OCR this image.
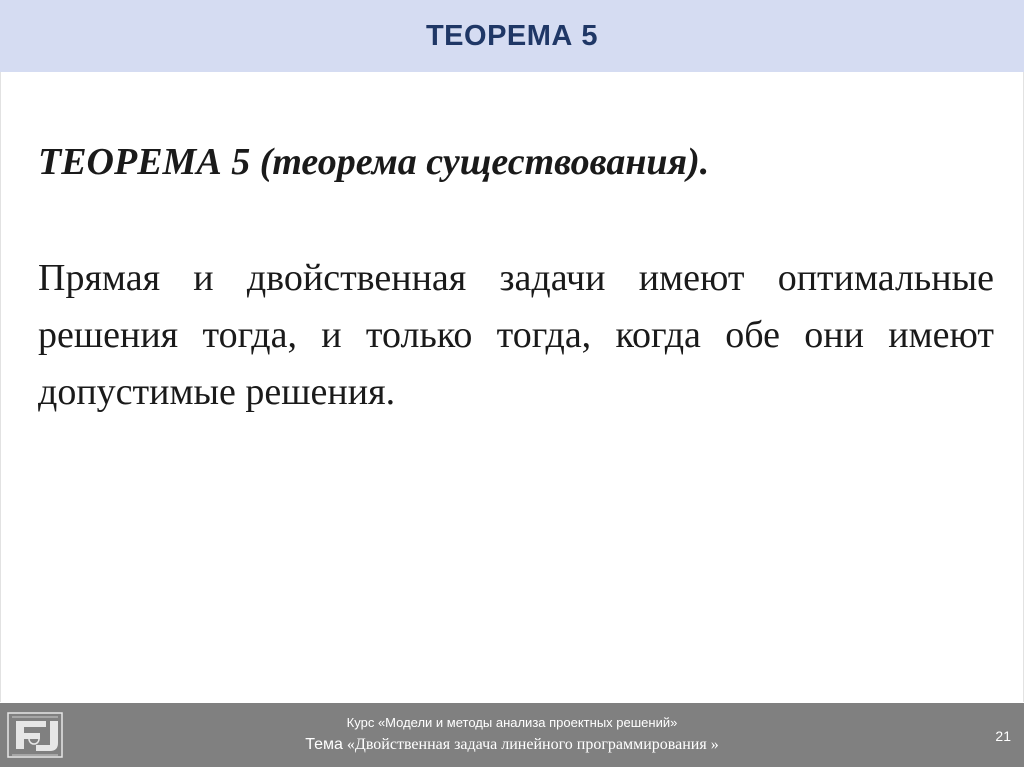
ТЕОРЕМА 5
ТЕОРЕМА 5 (теорема существования).
Прямая и двойственная задачи имеют оптимальные решения тогда, и только тогда, когда обе они имеют допустимые решения.
Курс «Модели и методы анализа проектных решений»
Тема «Двойственная задача линейного программирования »	21
